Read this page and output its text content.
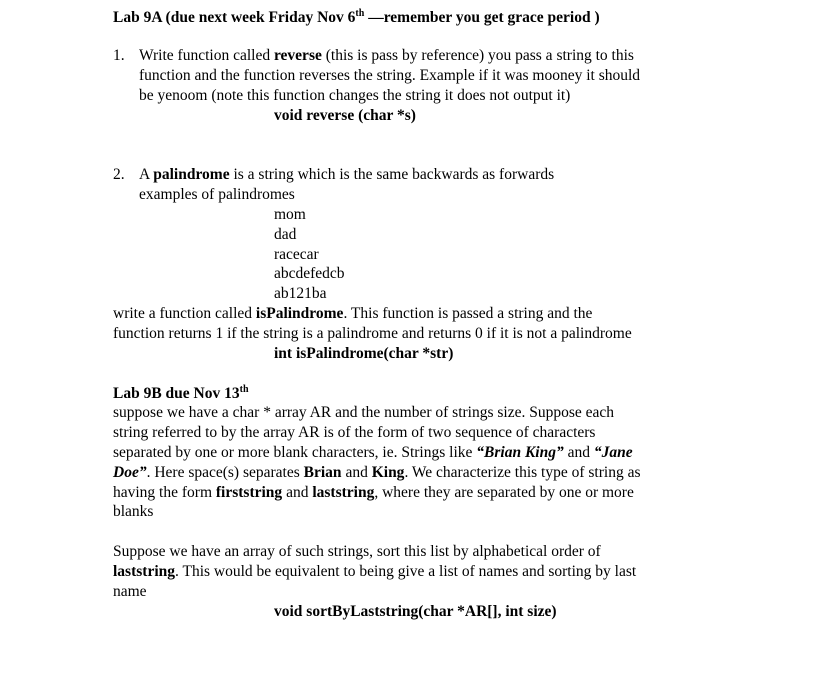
Lab 9A (due next week Friday Nov 6th —remember you get grace period )
1. Write function called reverse (this is pass by reference) you pass a string to this
function and the function reverses the string. Example if it was mooney it should
be yenoom (note this function changes the string it does not output it)
void reverse (char *s)
2. A palindrome is a string which is the same backwards as forwards
examples of palindromes
mom
dad
racecar
abcdefedcb
ab121ba
write a function called isPalindrome. This function is passed a string and the
function returns 1 if the string is a palindrome and returns 0 if it is not a palindrome
int isPalindrome(char *str)
Lab 9B due Nov 13th
suppose we have a char * array AR and the number of strings size. Suppose each
string referred to by the array AR is of the form of two sequence of characters
separated by one or more blank characters, ie. Strings like “Brian King” and “Jane
Doe”. Here space(s) separates Brian and King. We characterize this type of string as
having the form firststring and laststring, where they are separated by one or more
blanks
Suppose we have an array of such strings, sort this list by alphabetical order of
laststring. This would be equivalent to being give a list of names and sorting by last
name
void sortByLaststring(char *AR[], int size)
